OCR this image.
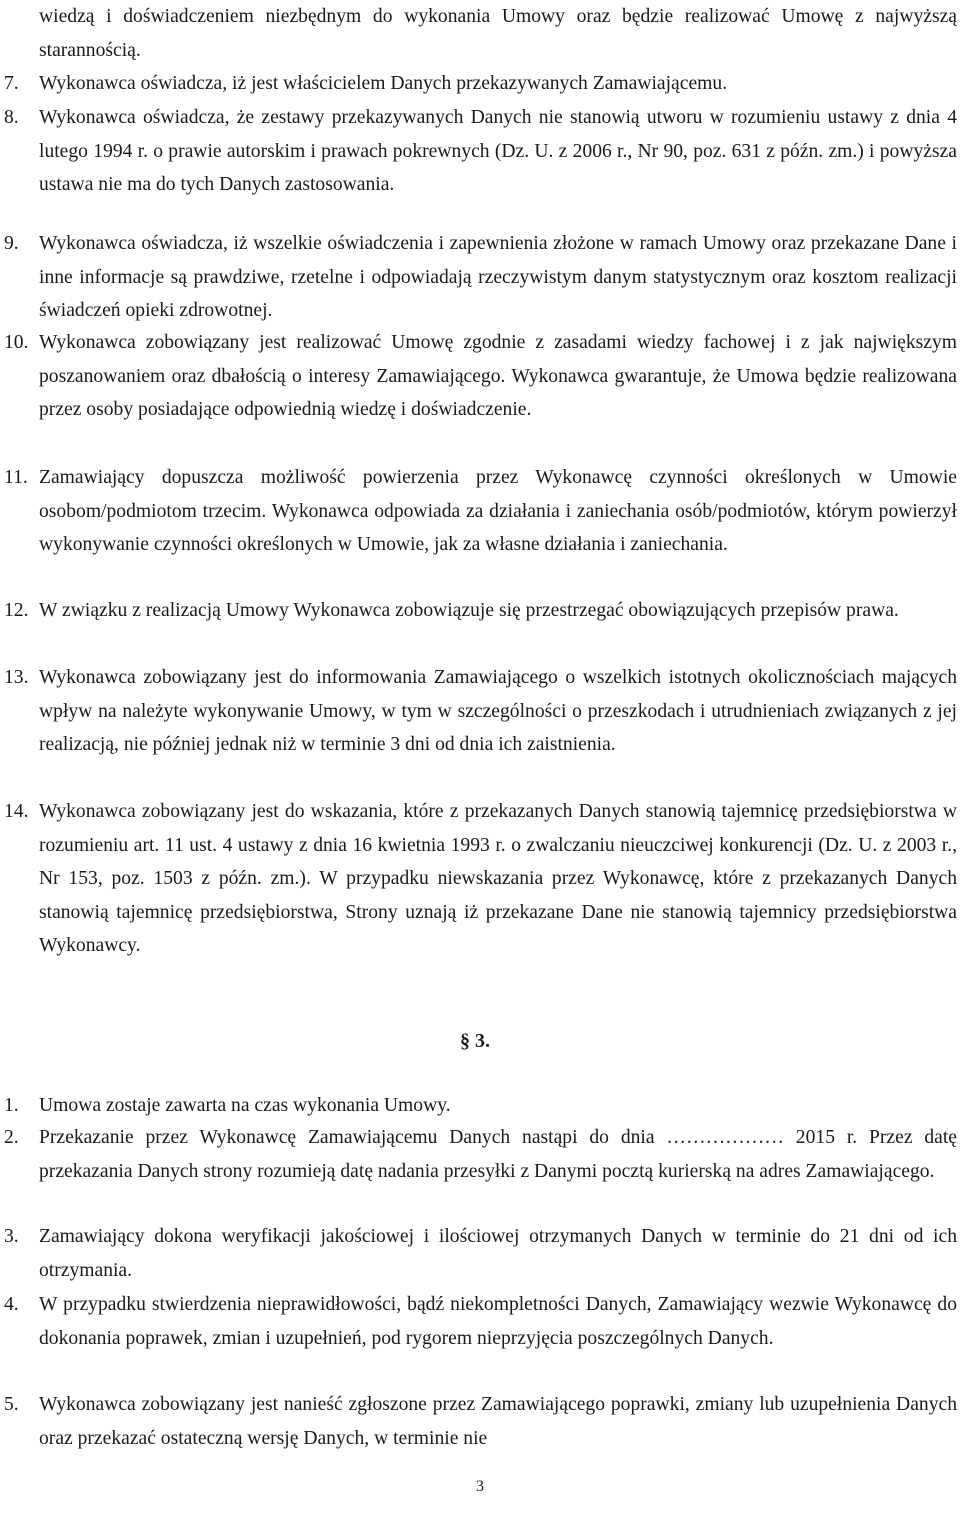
wiedzą i doświadczeniem niezbędnym do wykonania Umowy oraz będzie realizować Umowę z najwyższą starannością.
7. Wykonawca oświadcza, iż jest właścicielem Danych przekazywanych Zamawiającemu.
8. Wykonawca oświadcza, że zestawy przekazywanych Danych nie stanowią utworu w rozumieniu ustawy z dnia 4 lutego 1994 r. o prawie autorskim i prawach pokrewnych (Dz. U. z 2006 r., Nr 90, poz. 631 z późn. zm.) i powyższa ustawa nie ma do tych Danych zastosowania.
9. Wykonawca oświadcza, iż wszelkie oświadczenia i zapewnienia złożone w ramach Umowy oraz przekazane Dane i inne informacje są prawdziwe, rzetelne i odpowiadają rzeczywistym danym statystycznym oraz kosztom realizacji świadczeń opieki zdrowotnej.
10. Wykonawca zobowiązany jest realizować Umowę zgodnie z zasadami wiedzy fachowej i z jak największym poszanowaniem oraz dbałością o interesy Zamawiającego. Wykonawca gwarantuje, że Umowa będzie realizowana przez osoby posiadające odpowiednią wiedzę i doświadczenie.
11. Zamawiający dopuszcza możliwość powierzenia przez Wykonawcę czynności określonych w Umowie osobom/podmiotom trzecim. Wykonawca odpowiada za działania i zaniechania osób/podmiotów, którym powierzył wykonywanie czynności określonych w Umowie, jak za własne działania i zaniechania.
12. W związku z realizacją Umowy Wykonawca zobowiązuje się przestrzegać obowiązujących przepisów prawa.
13. Wykonawca zobowiązany jest do informowania Zamawiającego o wszelkich istotnych okolicznościach mających wpływ na należyte wykonywanie Umowy, w tym w szczególności o przeszkodach i utrudnieniach związanych z jej realizacją, nie później jednak niż w terminie 3 dni od dnia ich zaistnienia.
14. Wykonawca zobowiązany jest do wskazania, które z przekazanych Danych stanowią tajemnicę przedsiębiorstwa w rozumieniu art. 11 ust. 4 ustawy z dnia 16 kwietnia 1993 r. o zwalczaniu nieuczciwej konkurencji (Dz. U. z 2003 r., Nr 153, poz. 1503 z późn. zm.). W przypadku niewskazania przez Wykonawcę, które z przekazanych Danych stanowią tajemnicę przedsiębiorstwa, Strony uznają iż przekazane Dane nie stanowią tajemnicy przedsiębiorstwa Wykonawcy.
§ 3.
1. Umowa zostaje zawarta na czas wykonania Umowy.
2. Przekazanie przez Wykonawcę Zamawiającemu Danych nastąpi do dnia ……………… 2015 r. Przez datę przekazania Danych strony rozumieją datę nadania przesyłki z Danymi pocztą kurierską na adres Zamawiającego.
3. Zamawiający dokona weryfikacji jakościowej i ilościowej otrzymanych Danych w terminie do 21 dni od ich otrzymania.
4. W przypadku stwierdzenia nieprawidłowości, bądź niekompletności Danych, Zamawiający wezwie Wykonawcę do dokonania poprawek, zmian i uzupełnień, pod rygorem nieprzyjęcia poszczególnych Danych.
5. Wykonawca zobowiązany jest nanieść zgłoszone przez Zamawiającego poprawki, zmiany lub uzupełnienia Danych oraz przekazać ostateczną wersję Danych, w terminie nie
3
